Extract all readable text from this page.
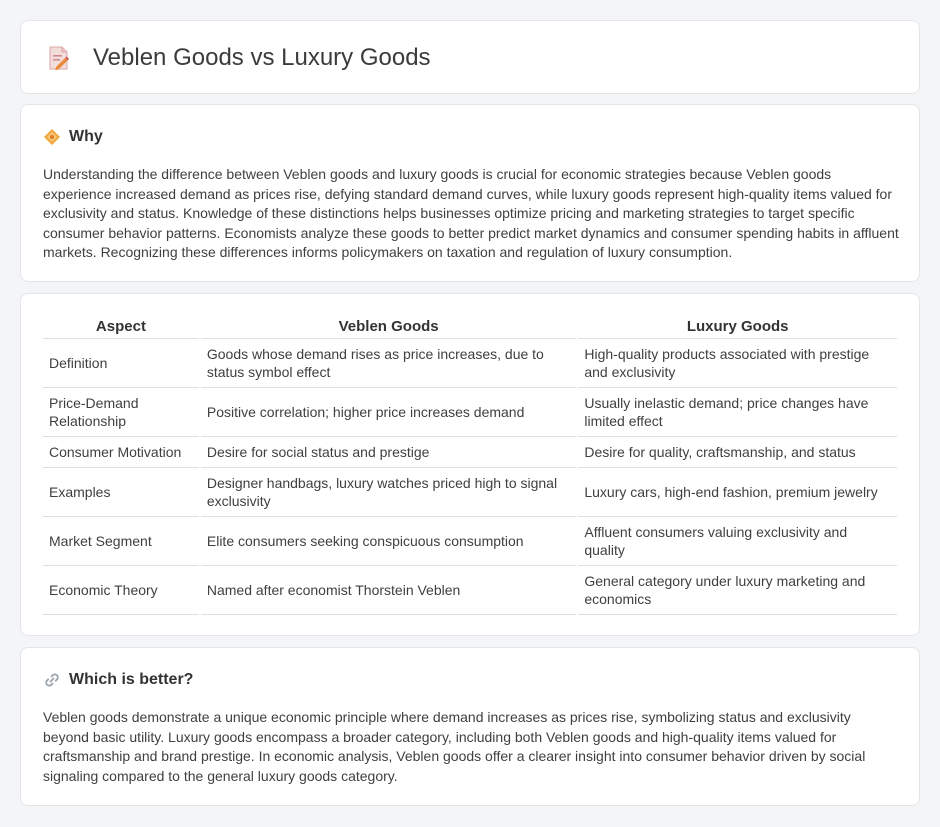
Veblen Goods vs Luxury Goods
Why

Understanding the difference between Veblen goods and luxury goods is crucial for economic strategies because Veblen goods experience increased demand as prices rise, defying standard demand curves, while luxury goods represent high-quality items valued for exclusivity and status. Knowledge of these distinctions helps businesses optimize pricing and marketing strategies to target specific consumer behavior patterns. Economists analyze these goods to better predict market dynamics and consumer spending habits in affluent markets. Recognizing these differences informs policymakers on taxation and regulation of luxury consumption.

Aspect	Veblen Goods	Luxury Goods
Definition	Goods whose demand rises as price increases, due to status symbol effect	High-quality products associated with prestige and exclusivity
Price-Demand Relationship	Positive correlation; higher price increases demand	Usually inelastic demand; price changes have limited effect
Consumer Motivation	Desire for social status and prestige	Desire for quality, craftsmanship, and status
Examples	Designer handbags, luxury watches priced high to signal exclusivity	Luxury cars, high-end fashion, premium jewelry
Market Segment	Elite consumers seeking conspicuous consumption	Affluent consumers valuing exclusivity and quality
Economic Theory	Named after economist Thorstein Veblen	General category under luxury marketing and economics
Which is better?

Veblen goods demonstrate a unique economic principle where demand increases as prices rise, symbolizing status and exclusivity beyond basic utility. Luxury goods encompass a broader category, including both Veblen goods and high-quality items valued for craftsmanship and brand prestige. In economic analysis, Veblen goods offer a clearer insight into consumer behavior driven by social signaling compared to the general luxury goods category.
